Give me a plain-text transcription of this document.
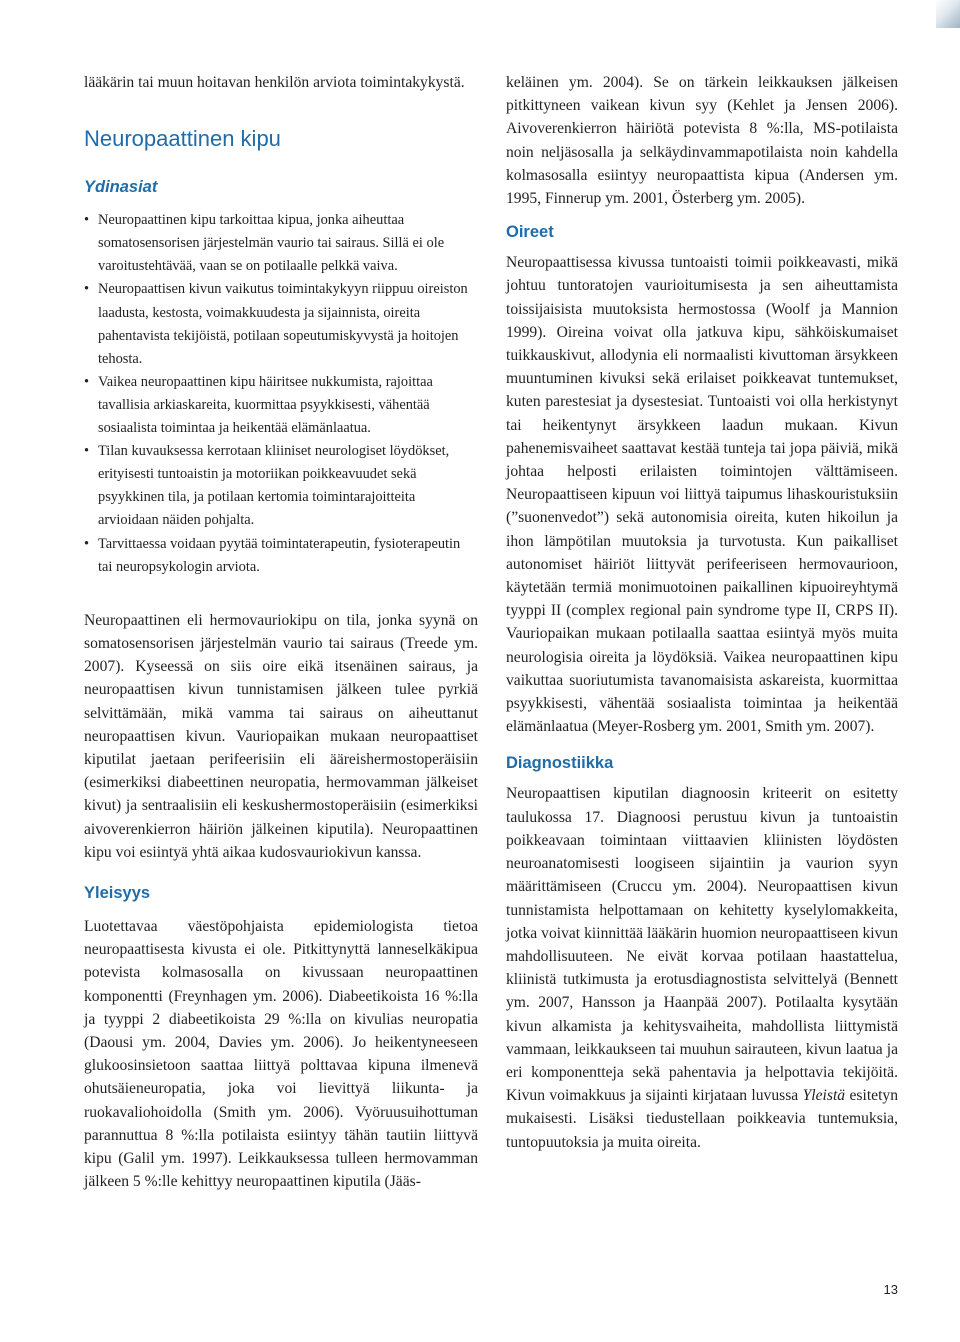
lääkärin tai muun hoitavan henkilön arviota toimintakykystä.

Neuropaattinen kipu
Ydinasiat
• Neuropaattinen kipu tarkoittaa kipua, jonka aiheuttaa somatosensorisen järjestelmän vaurio tai sairaus. Sillä ei ole varoitustehtävää, vaan se on potilaalle pelkkä vaiva.
• Neuropaattisen kivun vaikutus toimintakykyyn riippuu oireiston laadusta, kestosta, voimakkuudesta ja sijainnista, oireita pahentavista tekijöistä, potilaan sopeutumiskyvystä ja hoitojen tehosta.
• Vaikea neuropaattinen kipu häiritsee nukkumista, rajoittaa tavallisia arkiaskareita, kuormittaa psyykkisesti, vähentää sosiaalista toimintaa ja heikentää elämänlaatua.
• Tilan kuvauksessa kerrotaan kliiniset neurologiset löydökset, erityisesti tuntoaistin ja motoriikan poikkeavuudet sekä psyykkinen tila, ja potilaan kertomia toimintarajoitteita arvioidaan näiden pohjalta.
• Tarvittaessa voidaan pyytää toimintaterapeutin, fysioterapeutin tai neuropsykologin arviota.

Neuropaattinen eli hermovauriokipu on tila, jonka syynä on somatosensorisen järjestelmän vaurio tai sairaus (Treede ym. 2007). Kyseessä on siis oire eikä itsenäinen sairaus, ja neuropaattisen kivun tunnistamisen jälkeen tulee pyrkiä selvittämään, mikä vamma tai sairaus on aiheuttanut neuropaattisen kivun. Vauriopaikan mukaan neuropaattiset kiputilat jaetaan perifeerisiin eli ääreishermostoperäisiin (esimerkiksi diabeettinen neuropatia, hermovamman jälkeiset kivut) ja sentraalisiin eli keskushermostoperäisiin (esimerkiksi aivoverenkierron häiriön jälkeinen kiputila). Neuropaattinen kipu voi esiintyä yhtä aikaa kudosvauriokivun kanssa.

Yleisyys

Luotettavaa väestöpohjaista epidemiologista tietoa neuropaattisesta kivusta ei ole. Pitkittynyttä lanneselkäkipua potevista kolmasosalla on kivussaan neuropaattinen komponentti (Freynhagen ym. 2006). Diabeetikoista 16 %:lla ja tyyppi 2 diabeetikoista 29 %:lla on kivulias neuropatia (Daousi ym. 2004, Davies ym. 2006). Jo heikentyneeseen glukoosinsietoon saattaa liittyä polttavaa kipuna ilmenevä ohutsäieneuropatia, joka voi lievittyä liikunta- ja ruokavaliohoidolla (Smith ym. 2006). Vyöruusuihottuman parannuttua 8 %:lla potilaista esiintyy tähän tautiin liittyvä kipu (Galil ym. 1997). Leikkauksessa tulleen hermovamman jälkeen 5 %:lle kehittyy neuropaattinen kiputila (Jääs-

keläinen ym. 2004). Se on tärkein leikkauksen jälkeisen pitkittyneen vaikean kivun syy (Kehlet ja Jensen 2006). Aivoverenkierron häiriötä potevista 8 %:lla, MS-potilaista noin neljäsosalla ja selkäydinvammapotilaista noin kahdella kolmasosalla esiintyy neuropaattista kipua (Andersen ym. 1995, Finnerup ym. 2001, Österberg ym. 2005).

Oireet

Neuropaattisessa kivussa tuntoaisti toimii poikkeavasti, mikä johtuu tuntoratojen vaurioitumisesta ja sen aiheuttamista toissijaisista muutoksista hermostossa (Woolf ja Mannion 1999). Oireina voivat olla jatkuva kipu, sähköiskumaiset tuikkauskivut, allodynia eli normaalisti kivuttoman ärsykkeen muuntuminen kivuksi sekä erilaiset poikkeavat tuntemukset, kuten parestesiat ja dysestesiat. Tuntoaisti voi olla herkistynyt tai heikentynyt ärsykkeen laadun mukaan. Kivun pahenemisvaiheet saattavat kestää tunteja tai jopa päiviä, mikä johtaa helposti erilaisten toimintojen välttämiseen. Neuropaattiseen kipuun voi liittyä taipumus lihaskouristuksiin (”suonenvedot”) sekä autonomisia oireita, kuten hikoilun ja ihon lämpötilan muutoksia ja turvotusta. Kun paikalliset autonomiset häiriöt liittyvät perifeeriseen hermovaurioon, käytetään termiä monimuotoinen paikallinen kipuoireyhtymä tyyppi II (complex regional pain syndrome type II, CRPS II). Vauriopaikan mukaan potilaalla saattaa esiintyä myös muita neurologisia oireita ja löydöksiä. Vaikea neuropaattinen kipu vaikuttaa suoriutumista tavanomaisista askareista, kuormittaa psyykkisesti, vähentää sosiaalista toimintaa ja heikentää elämänlaatua (Meyer-Rosberg ym. 2001, Smith ym. 2007).

Diagnostiikka

Neuropaattisen kiputilan diagnoosin kriteerit on esitetty taulukossa 17. Diagnoosi perustuu kivun ja tuntoaistin poikkeavaan toimintaan viittaavien kliinisten löydösten neuroanatomisesti loogiseen sijaintiin ja vaurion syyn määrittämiseen (Cruccu ym. 2004). Neuropaattisen kivun tunnistamista helpottamaan on kehitetty kyselylomakkeita, jotka voivat kiinnittää lääkärin huomion neuropaattiseen kivun mahdollisuuteen. Ne eivät korvaa potilaan haastattelua, kliinistä tutkimusta ja erotusdiagnostista selvittelyä (Bennett ym. 2007, Hansson ja Haanpää 2007). Potilaalta kysytään kivun alkamista ja kehitysvaiheita, mahdollista liittymistä vammaan, leikkaukseen tai muuhun sairauteen, kivun laatua ja eri komponentteja sekä pahentavia ja helpottavia tekijöitä. Kivun voimakkuus ja sijainti kirjataan luvussa Yleistä esitetyn mukaisesti. Lisäksi tiedustellaan poikkeavia tuntemuksia, tuntopuutoksia ja muita oireita.

13
